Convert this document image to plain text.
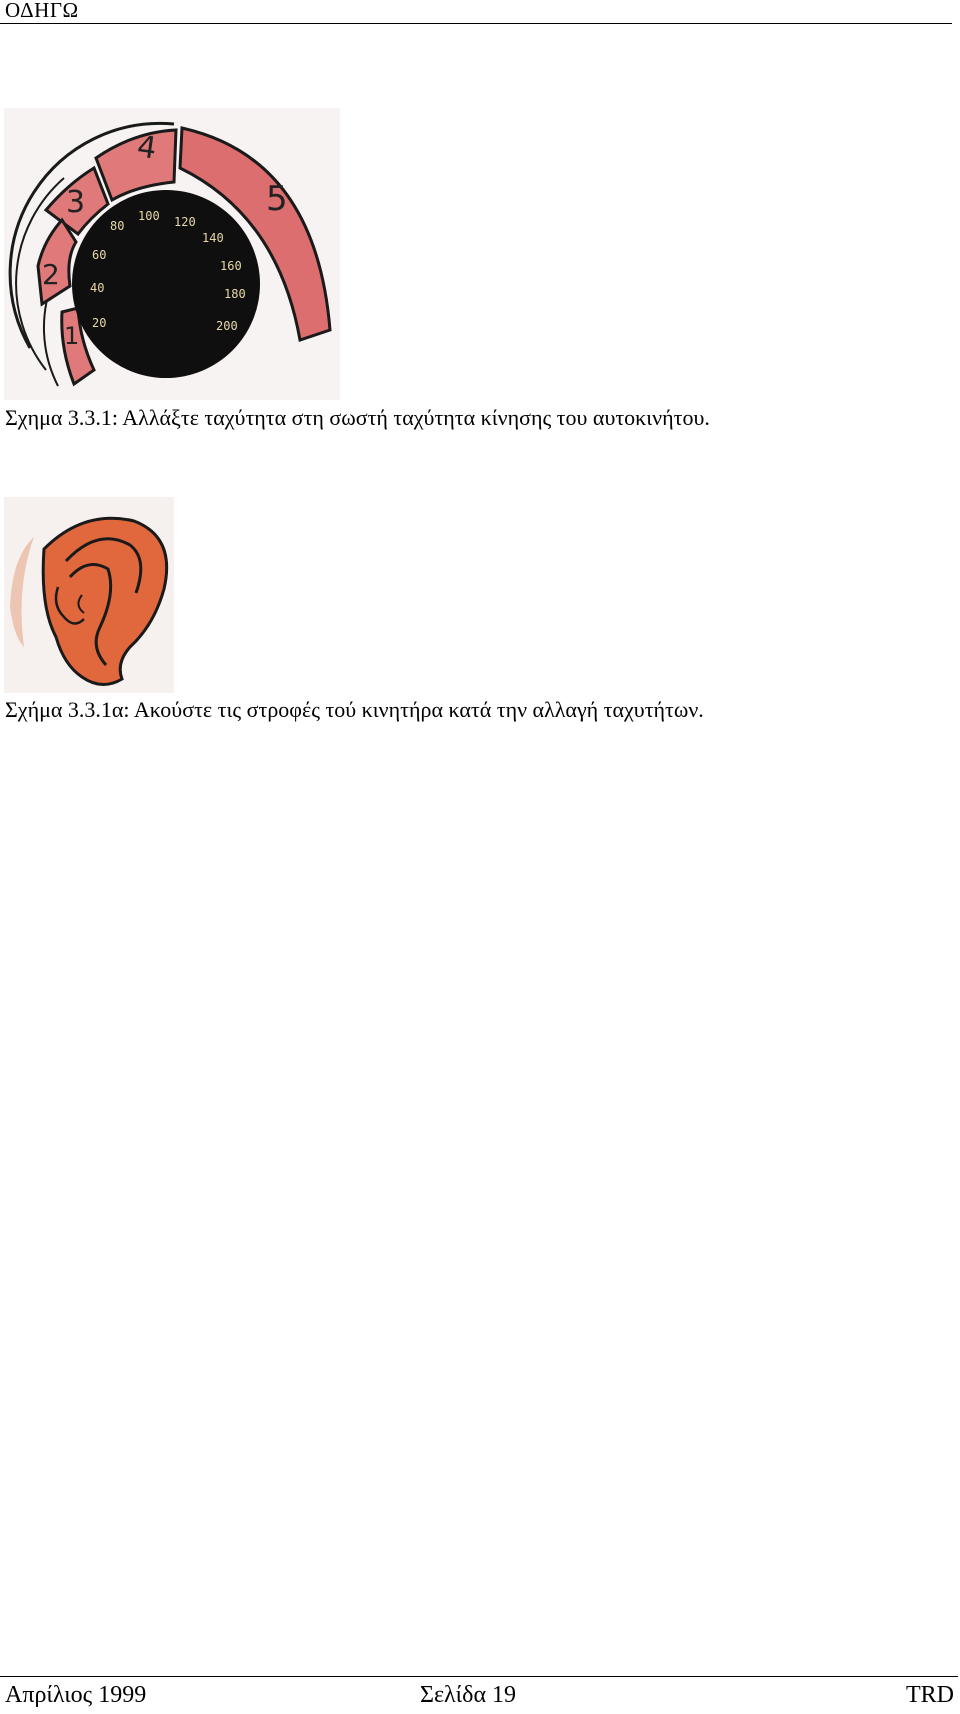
ΟΔΗΓΩ
4
3
2
1
5
20
40
60
80
100 120
140
160
180
200
Σχημα 3.3.1: Αλλάξτε ταχύτητα στη σωστή ταχύτητα κίνησης του αυτοκινήτου.
Σχήμα 3.3.1α: Ακούστε τις στροφές τού κινητήρα κατά την αλλαγή ταχυτήτων.
Απρίλιος 1999	Σελίδα 19	TRD
